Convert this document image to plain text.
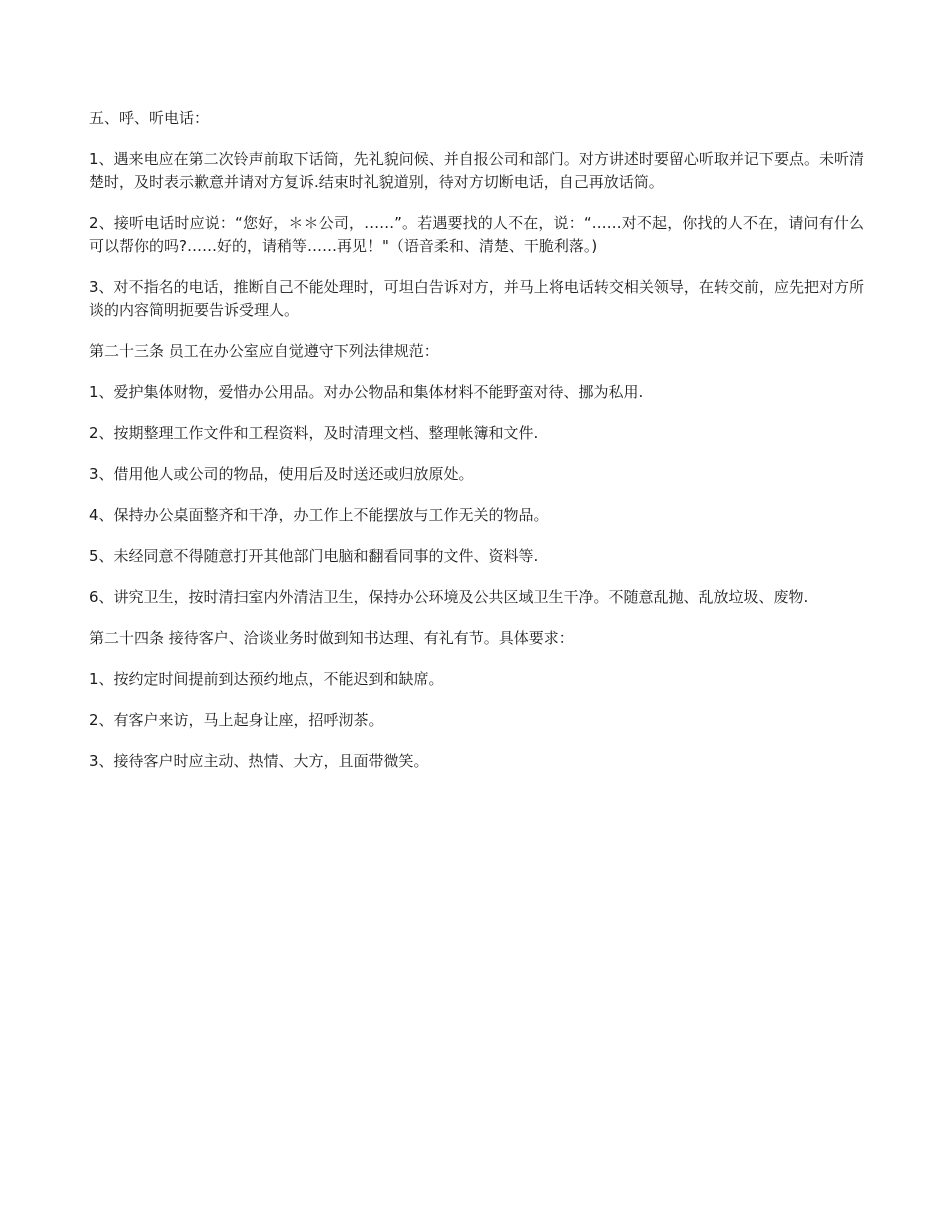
五、呼、听电话：

1、遇来电应在第二次铃声前取下话筒，先礼貌问候、并自报公司和部门。对方讲述时要留心听取并记下要点。未听清楚时，及时表示歉意并请对方复诉.结束时礼貌道别，待对方切断电话，自己再放话筒。

2、接听电话时应说：“您好，＊＊公司，……”。若遇要找的人不在，说：“……对不起，你找的人不在，请问有什么可以帮你的吗?……好的，请稍等……再见！"（语音柔和、清楚、干脆利落。)

3、对不指名的电话，推断自己不能处理时，可坦白告诉对方，并马上将电话转交相关领导，在转交前，应先把对方所谈的内容简明扼要告诉受理人。

第二十三条 员工在办公室应自觉遵守下列法律规范：

1、爱护集体财物，爱惜办公用品。对办公物品和集体材料不能野蛮对待、挪为私用.

2、按期整理工作文件和工程资料，及时清理文档、整理帐簿和文件.

3、借用他人或公司的物品，使用后及时送还或归放原处。

4、保持办公桌面整齐和干净，办工作上不能摆放与工作无关的物品。

5、未经同意不得随意打开其他部门电脑和翻看同事的文件、资料等.

6、讲究卫生，按时清扫室内外清洁卫生，保持办公环境及公共区域卫生干净。不随意乱抛、乱放垃圾、废物.

第二十四条 接待客户、洽谈业务时做到知书达理、有礼有节。具体要求：

1、按约定时间提前到达预约地点，不能迟到和缺席。

2、有客户来访，马上起身让座，招呼沏茶。

3、接待客户时应主动、热情、大方，且面带微笑。
